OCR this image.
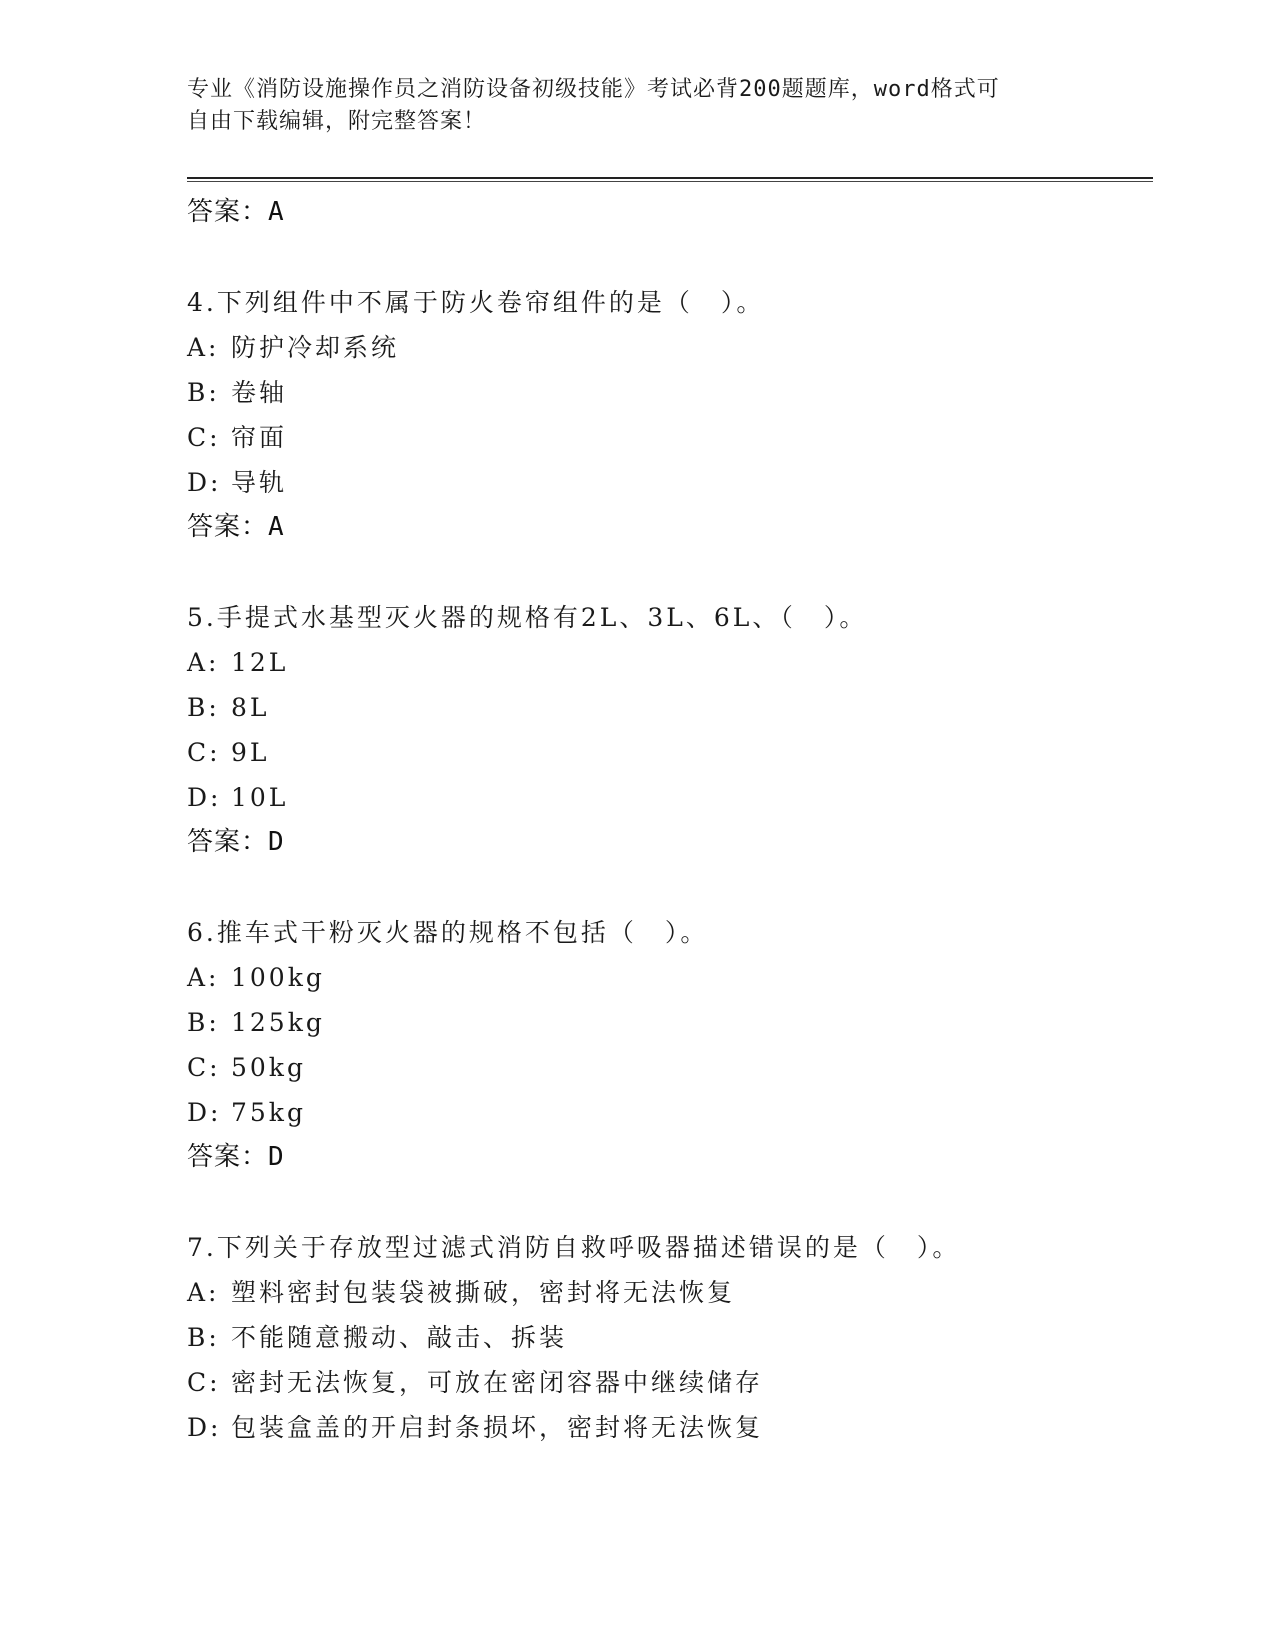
专业《消防设施操作员之消防设备初级技能》考试必背200题题库，word格式可
自由下载编辑，附完整答案！
答案：A
4.下列组件中不属于防火卷帘组件的是（　）。
A: 防护冷却系统
B: 卷轴
C: 帘面
D: 导轨
答案：A
5.手提式水基型灭火器的规格有2L、3L、6L、（　）。
A: 12L
B: 8L
C: 9L
D: 10L
答案：D
6.推车式干粉灭火器的规格不包括（　）。
A: 100kg
B: 125kg
C: 50kg
D: 75kg
答案：D
7.下列关于存放型过滤式消防自救呼吸器描述错误的是（　）。
A: 塑料密封包装袋被撕破，密封将无法恢复
B: 不能随意搬动、敲击、拆装
C: 密封无法恢复，可放在密闭容器中继续储存
D: 包装盒盖的开启封条损坏，密封将无法恢复
